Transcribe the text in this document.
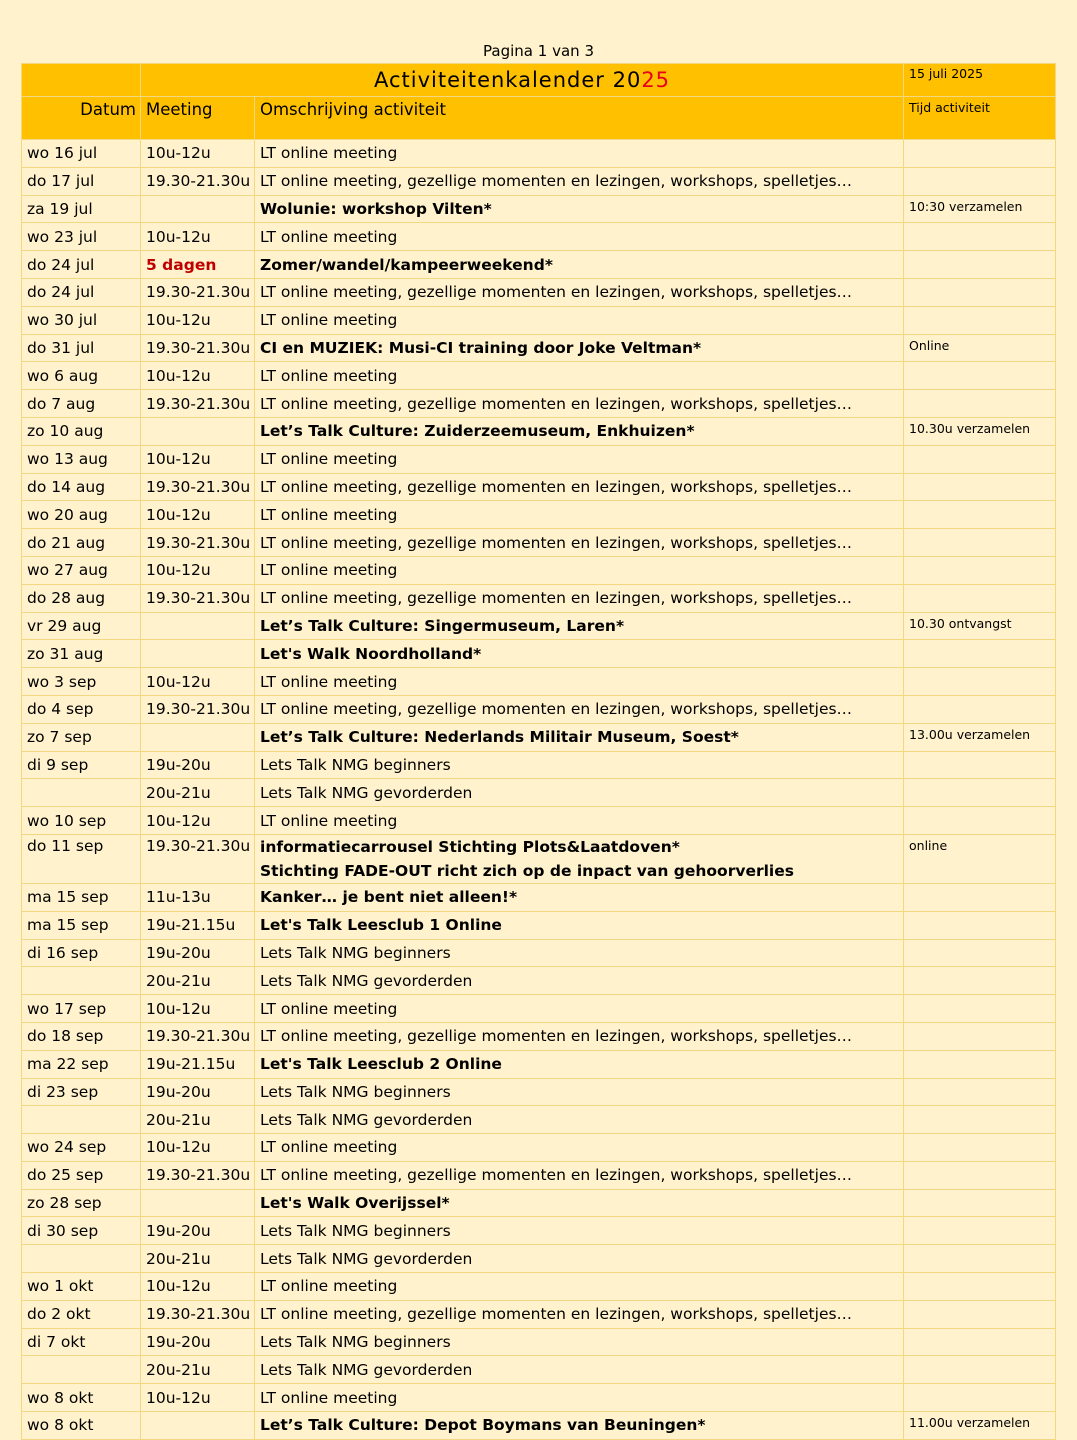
Pagina 1 van 3
	Activiteitenkalender 2025		15 juli 2025
Datum	Meeting	Omschrijving activiteit	Tijd activiteit
wo 16 jul	10u-12u	LT online meeting	
do 17 jul	19.30-21.30u	LT online meeting, gezellige momenten en lezingen, workshops, spelletjes…	
za 19 jul		Wolunie: workshop Vilten*	10:30 verzamelen
wo 23 jul	10u-12u	LT online meeting	
do 24 jul	5 dagen	Zomer/wandel/kampeerweekend*	
do 24 jul	19.30-21.30u	LT online meeting, gezellige momenten en lezingen, workshops, spelletjes…	
wo 30 jul	10u-12u	LT online meeting	
do 31 jul	19.30-21.30u	CI en MUZIEK: Musi-CI training door Joke Veltman*	Online
wo 6 aug	10u-12u	LT online meeting	
do 7 aug	19.30-21.30u	LT online meeting, gezellige momenten en lezingen, workshops, spelletjes…	
zo 10 aug		Let’s Talk Culture: Zuiderzeemuseum, Enkhuizen*	10.30u verzamelen
wo 13 aug	10u-12u	LT online meeting	
do 14 aug	19.30-21.30u	LT online meeting, gezellige momenten en lezingen, workshops, spelletjes…	
wo 20 aug	10u-12u	LT online meeting	
do 21 aug	19.30-21.30u	LT online meeting, gezellige momenten en lezingen, workshops, spelletjes…	
wo 27 aug	10u-12u	LT online meeting	
do 28 aug	19.30-21.30u	LT online meeting, gezellige momenten en lezingen, workshops, spelletjes…	
vr 29 aug		Let’s Talk Culture: Singermuseum, Laren*	10.30 ontvangst
zo 31 aug		Let's Walk Noordholland*	
wo 3 sep	10u-12u	LT online meeting	
do 4 sep	19.30-21.30u	LT online meeting, gezellige momenten en lezingen, workshops, spelletjes…	
zo 7 sep		Let’s Talk Culture: Nederlands Militair Museum, Soest*	13.00u verzamelen
di 9 sep	19u-20u	Lets Talk NMG beginners	
	20u-21u	Lets Talk NMG gevorderden	
wo 10 sep	10u-12u	LT online meeting	
do 11 sep	19.30-21.30u	informatiecarrousel Stichting Plots&Laatdoven*
Stichting FADE-OUT richt zich op de inpact van gehoorverlies	online
ma 15 sep	11u-13u	Kanker… je bent niet alleen!*	
ma 15 sep	19u-21.15u	Let's Talk Leesclub 1 Online	
di 16 sep	19u-20u	Lets Talk NMG beginners	
	20u-21u	Lets Talk NMG gevorderden	
wo 17 sep	10u-12u	LT online meeting	
do 18 sep	19.30-21.30u	LT online meeting, gezellige momenten en lezingen, workshops, spelletjes…	
ma 22 sep	19u-21.15u	Let's Talk Leesclub 2 Online	
di 23 sep	19u-20u	Lets Talk NMG beginners	
	20u-21u	Lets Talk NMG gevorderden	
wo 24 sep	10u-12u	LT online meeting	
do 25 sep	19.30-21.30u	LT online meeting, gezellige momenten en lezingen, workshops, spelletjes…	
zo 28 sep		Let's Walk Overijssel*	
di 30 sep	19u-20u	Lets Talk NMG beginners	
	20u-21u	Lets Talk NMG gevorderden	
wo 1 okt	10u-12u	LT online meeting	
do 2 okt	19.30-21.30u	LT online meeting, gezellige momenten en lezingen, workshops, spelletjes…	
di 7 okt	19u-20u	Lets Talk NMG beginners	
	20u-21u	Lets Talk NMG gevorderden	
wo 8 okt	10u-12u	LT online meeting	
wo 8 okt		Let’s Talk Culture: Depot Boymans van Beuningen*	11.00u verzamelen
